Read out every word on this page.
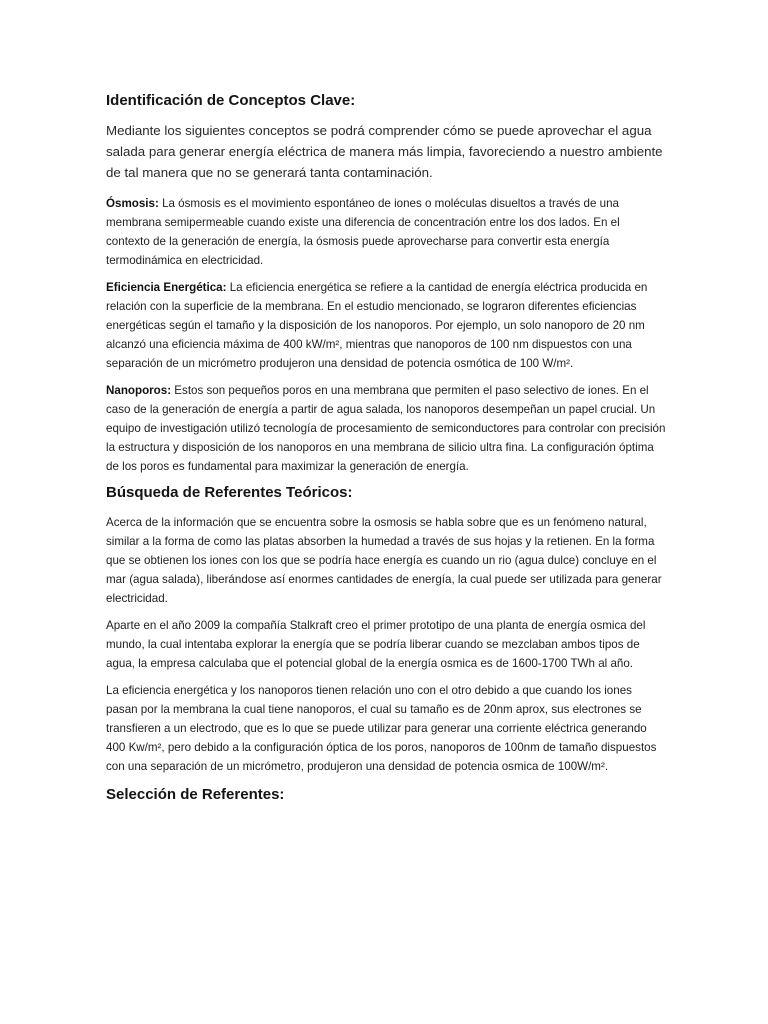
Identificación de Conceptos Clave:
Mediante los siguientes conceptos se podrá comprender cómo se puede aprovechar el agua salada para generar energía eléctrica de manera más limpia, favoreciendo a nuestro ambiente de tal manera que no se generará tanta contaminación.

Ósmosis: La ósmosis es el movimiento espontáneo de iones o moléculas disueltos a través de una membrana semipermeable cuando existe una diferencia de concentración entre los dos lados. En el contexto de la generación de energía, la ósmosis puede aprovecharse para convertir esta energía termodinámica en electricidad.

Eficiencia Energética: La eficiencia energética se refiere a la cantidad de energía eléctrica producida en relación con la superficie de la membrana. En el estudio mencionado, se lograron diferentes eficiencias energéticas según el tamaño y la disposición de los nanoporos. Por ejemplo, un solo nanoporo de 20 nm alcanzó una eficiencia máxima de 400 kW/m², mientras que nanoporos de 100 nm dispuestos con una separación de un micrómetro produjeron una densidad de potencia osmótica de 100 W/m².

Nanoporos: Estos son pequeños poros en una membrana que permiten el paso selectivo de iones. En el caso de la generación de energía a partir de agua salada, los nanoporos desempeñan un papel crucial. Un equipo de investigación utilizó tecnología de procesamiento de semiconductores para controlar con precisión la estructura y disposición de los nanoporos en una membrana de silicio ultra fina. La configuración óptima de los poros es fundamental para maximizar la generación de energía.

Búsqueda de Referentes Teóricos:

Acerca de la información que se encuentra sobre la osmosis se habla sobre que es un fenómeno natural, similar a la forma de como las platas absorben la humedad a través de sus hojas y la retienen. En la forma que se obtienen los iones con los que se podría hace energía es cuando un rio (agua dulce) concluye en el mar (agua salada), liberándose así enormes cantidades de energía, la cual puede ser utilizada para generar electricidad.

Aparte en el año 2009 la compañía Stalkraft creo el primer prototipo de una planta de energía osmica del mundo, la cual intentaba explorar la energía que se podría liberar cuando se mezclaban ambos tipos de agua, la empresa calculaba que el potencial global de la energía osmica es de 1600-1700 TWh al año.

La eficiencia energética y los nanoporos tienen relación uno con el otro debido a que cuando los iones pasan por la membrana la cual tiene nanoporos, el cual su tamaño es de 20nm aprox, sus electrones se transfieren a un electrodo, que es lo que se puede utilizar para generar una corriente eléctrica generando 400 Kw/m², pero debido a la configuración óptica de los poros, nanoporos de 100nm de tamaño dispuestos con una separación de un micrómetro, produjeron una densidad de potencia osmica de 100W/m².

Selección de Referentes:
